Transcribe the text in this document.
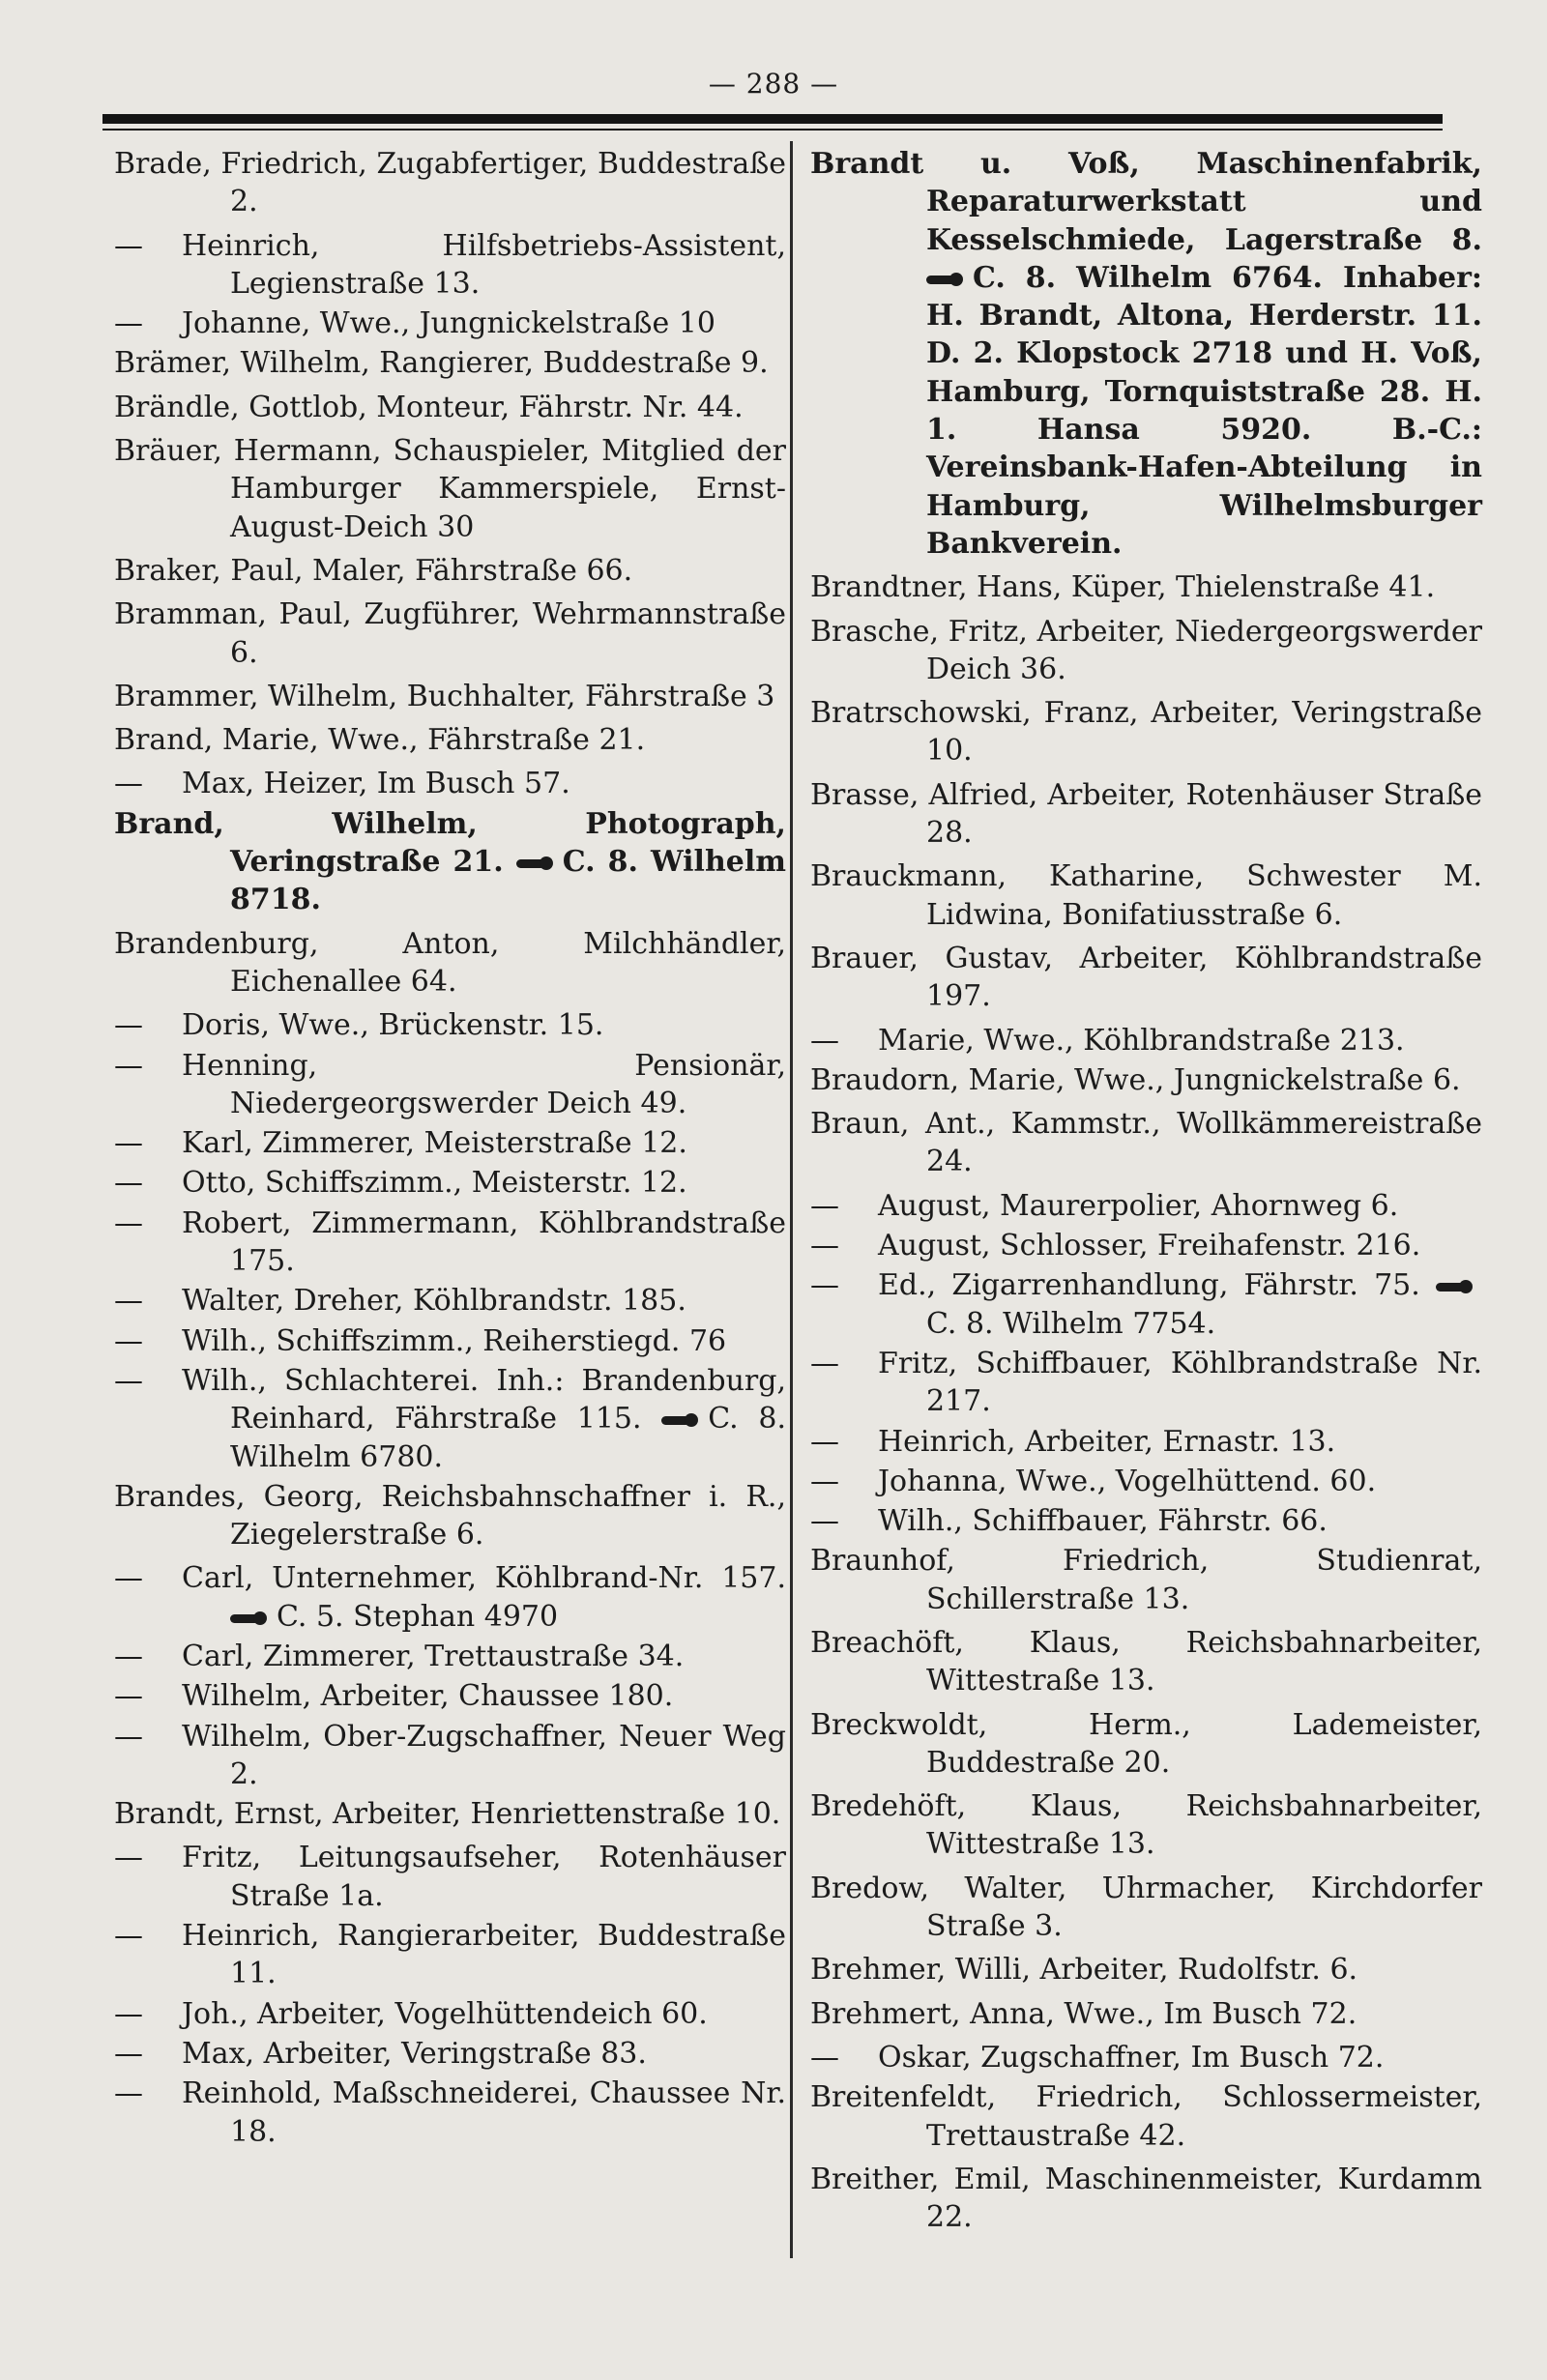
— 288 —
Brade, Friedrich, Zugabfertiger, Buddestraße 2.
— Heinrich, Hilfsbetriebs-Assistent, Legienstraße 13.
— Johanne, Wwe., Jungnickelstraße 10
Brämer, Wilhelm, Rangierer, Buddestraße 9.
Brändle, Gottlob, Monteur, Fährstr. Nr. 44.
Bräuer, Hermann, Schauspieler, Mitglied der Hamburger Kammerspiele, Ernst-August-Deich 30
Braker, Paul, Maler, Fährstraße 66.
Bramman, Paul, Zugführer, Wehrmannstraße 6.
Brammer, Wilhelm, Buchhalter, Fährstraße 3
Brand, Marie, Wwe., Fährstraße 21.
— Max, Heizer, Im Busch 57.
Brand, Wilhelm, Photograph, Veringstraße 21. C. 8. Wilhelm 8718.
Brandenburg, Anton, Milchhändler, Eichenallee 64.
— Doris, Wwe., Brückenstr. 15.
— Henning, Pensionär, Niedergeorgswerder Deich 49.
— Karl, Zimmerer, Meisterstraße 12.
— Otto, Schiffszimm., Meisterstr. 12.
— Robert, Zimmermann, Köhlbrandstraße 175.
— Walter, Dreher, Köhlbrandstr. 185.
— Wilh., Schiffszimm., Reiherstiegd. 76
— Wilh., Schlachterei. Inh.: Brandenburg, Reinhard, Fährstraße 115. C. 8. Wilhelm 6780.
Brandes, Georg, Reichsbahnschaffner i. R., Ziegelerstraße 6.
— Carl, Unternehmer, Köhlbrand-Nr. 157. C. 5. Stephan 4970
— Carl, Zimmerer, Trettaustraße 34.
— Wilhelm, Arbeiter, Chaussee 180.
— Wilhelm, Ober-Zugschaffner, Neuer Weg 2.
Brandt, Ernst, Arbeiter, Henriettenstraße 10.
— Fritz, Leitungsaufseher, Rotenhäuser Straße 1a.
— Heinrich, Rangierarbeiter, Buddestraße 11.
— Joh., Arbeiter, Vogelhüttendeich 60.
— Max, Arbeiter, Veringstraße 83.
— Reinhold, Maßschneiderei, Chaussee Nr. 18.
Brandt u. Voß, Maschinenfabrik, Reparaturwerkstatt und Kesselschmiede, Lagerstraße 8. C. 8. Wilhelm 6764. Inhaber: H. Brandt, Altona, Herderstr. 11. D. 2. Klopstock 2718 und H. Voß, Hamburg, Tornquiststraße 28. H. 1. Hansa 5920. B.-C.: Vereinsbank-Hafen-Abteilung in Hamburg, Wilhelmsburger Bankverein.
Brandtner, Hans, Küper, Thielenstraße 41.
Brasche, Fritz, Arbeiter, Niedergeorgswerder Deich 36.
Bratrschowski, Franz, Arbeiter, Veringstraße 10.
Brasse, Alfried, Arbeiter, Rotenhäuser Straße 28.
Brauckmann, Katharine, Schwester M. Lidwina, Bonifatiusstraße 6.
Brauer, Gustav, Arbeiter, Köhlbrandstraße 197.
— Marie, Wwe., Köhlbrandstraße 213.
Braudorn, Marie, Wwe., Jungnickelstraße 6.
Braun, Ant., Kammstr., Wollkämmereistraße 24.
— August, Maurerpolier, Ahornweg 6.
— August, Schlosser, Freihafenstr. 216.
— Ed., Zigarrenhandlung, Fährstr. 75. C. 8. Wilhelm 7754.
— Fritz, Schiffbauer, Köhlbrandstraße Nr. 217.
— Heinrich, Arbeiter, Ernastr. 13.
— Johanna, Wwe., Vogelhüttend. 60.
— Wilh., Schiffbauer, Fährstr. 66.
Braunhof, Friedrich, Studienrat, Schillerstraße 13.
Breachöft, Klaus, Reichsbahnarbeiter, Wittestraße 13.
Breckwoldt, Herm., Lademeister, Buddestraße 20.
Bredehöft, Klaus, Reichsbahnarbeiter, Wittestraße 13.
Bredow, Walter, Uhrmacher, Kirchdorfer Straße 3.
Brehmer, Willi, Arbeiter, Rudolfstr. 6.
Brehmert, Anna, Wwe., Im Busch 72.
— Oskar, Zugschaffner, Im Busch 72.
Breitenfeldt, Friedrich, Schlossermeister, Trettaustraße 42.
Breither, Emil, Maschinenmeister, Kurdamm 22.
